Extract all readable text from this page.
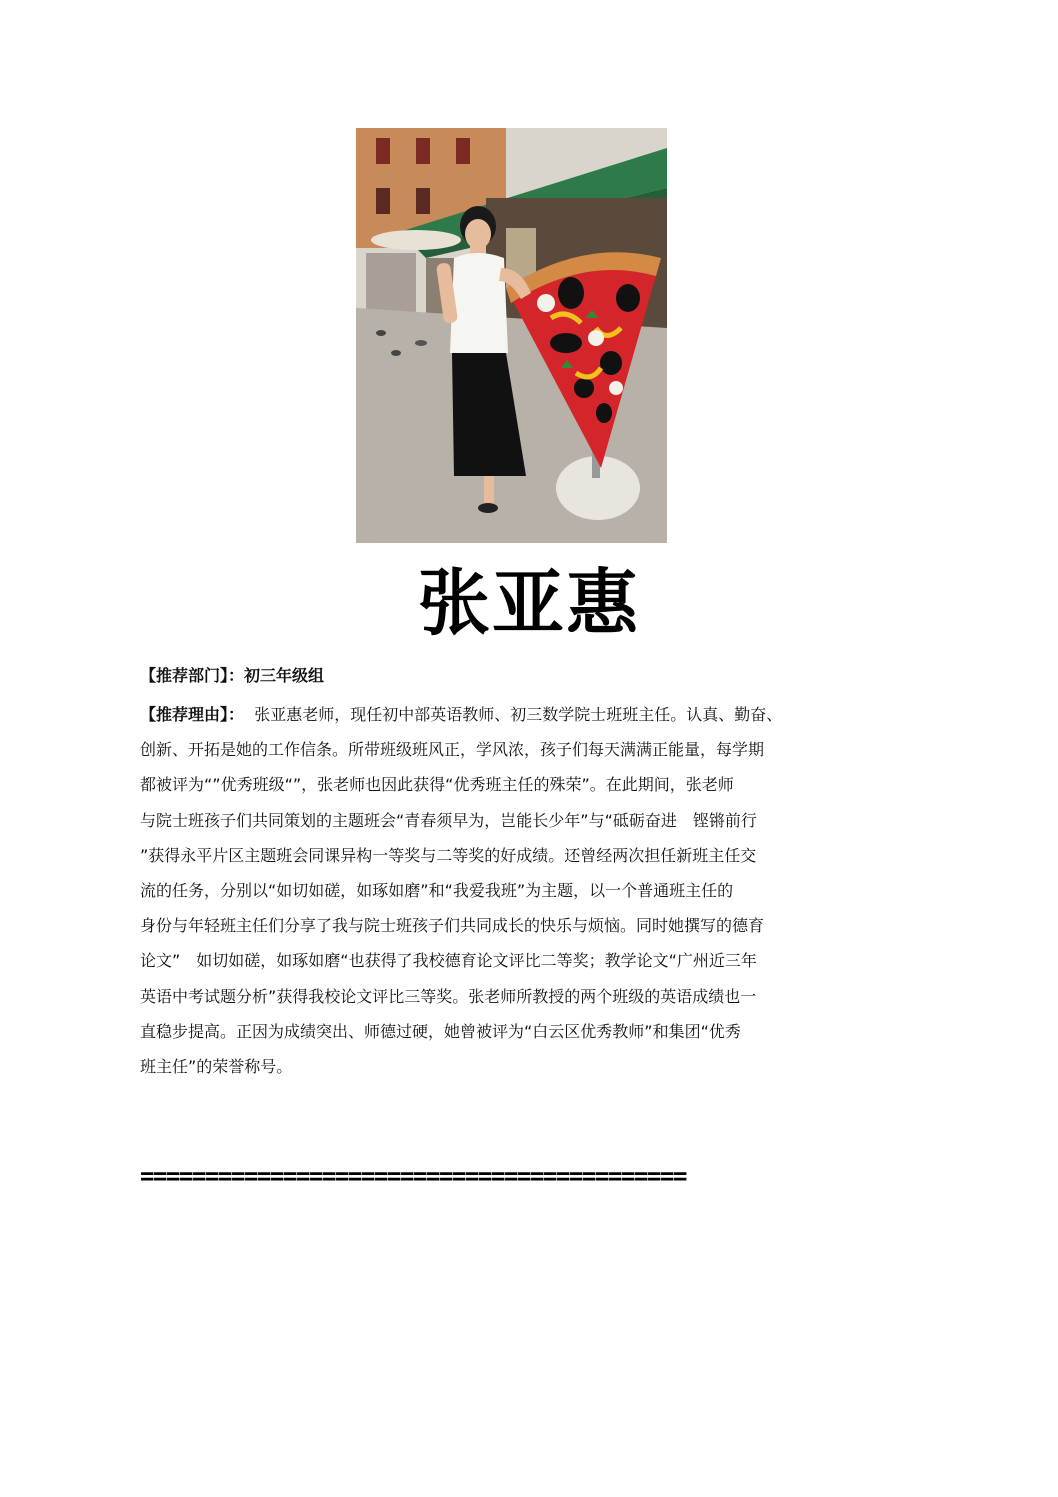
张亚惠
【推荐部门】：初三年级组
【推荐理由】： 张亚惠老师，现任初中部英语教师、初三数学院士班班主任。认真、勤奋、
创新、开拓是她的工作信条。所带班级班风正，学风浓，孩子们每天满满正能量，每学期
都被评为“”优秀班级“”，张老师也因此获得“优秀班主任的殊荣”。在此期间，张老师
与院士班孩子们共同策划的主题班会“青春须早为，岂能长少年”与“砥砺奋进　铿锵前行
”获得永平片区主题班会同课异构一等奖与二等奖的好成绩。还曾经两次担任新班主任交
流的任务，分别以“如切如磋，如琢如磨”和“我爱我班”为主题，以一个普通班主任的
身份与年轻班主任们分享了我与院士班孩子们共同成长的快乐与烦恼。同时她撰写的德育
论文”　如切如磋，如琢如磨“也获得了我校德育论文评比二等奖；教学论文“广州近三年
英语中考试题分析”获得我校论文评比三等奖。张老师所教授的两个班级的英语成绩也一
直稳步提高。正因为成绩突出、师德过硬，她曾被评为“白云区优秀教师”和集团“优秀
班主任”的荣誉称号。
==========================================
